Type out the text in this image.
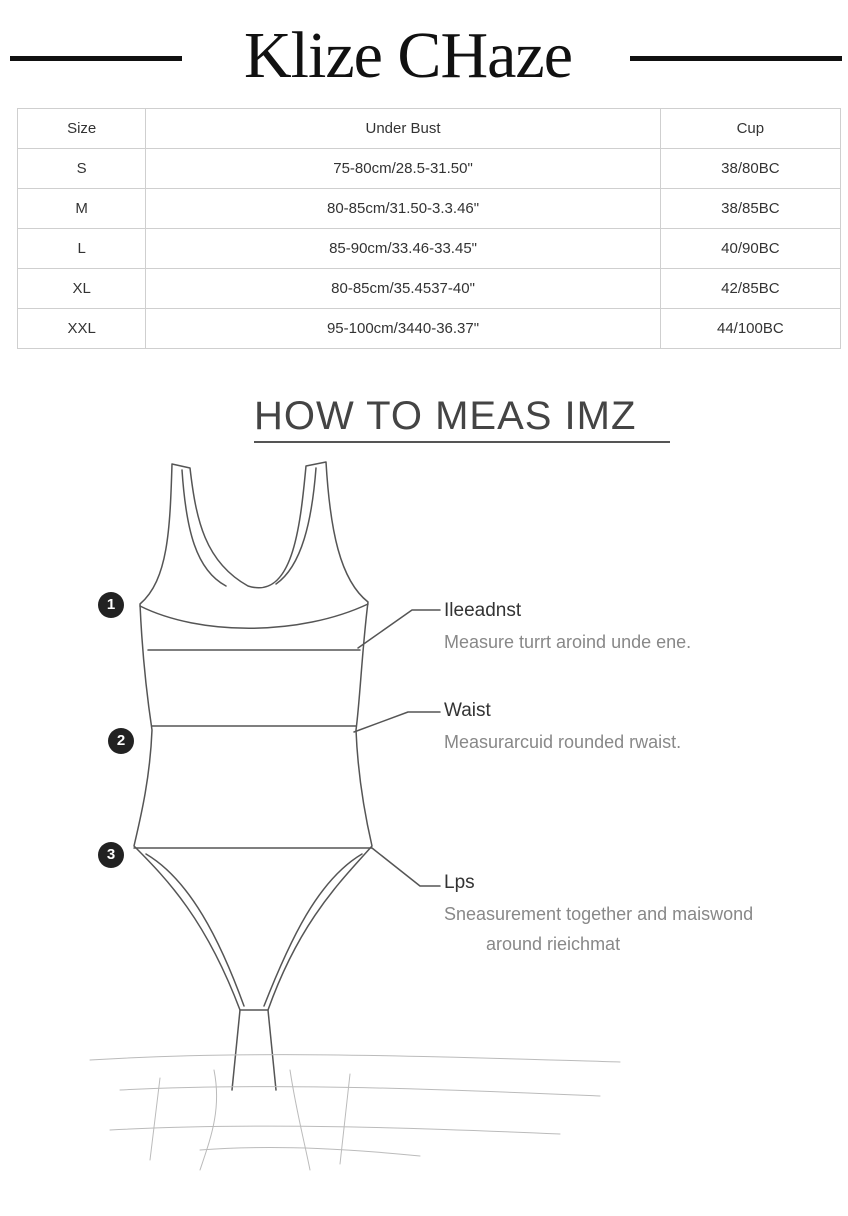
Klize CHaze
Size	Under Bust	Cup
S	75-80cm/28.5-31.50"	38/80BC
M	80-85cm/31.50-3.3.46"	38/85BC
L	85-90cm/33.46-33.45"	40/90BC
XL	80-85cm/35.4537-40"	42/85BC
XXL	95-100cm/3440-36.37"	44/100BC
HOW TO MEAS IMZ
1
2
3
Ileeadnst
Measure turrt aroind unde ene.
Waist
Measurarcuid rounded rwaist.
Lps
Sneasurement together and maiswond
around rieichmat
